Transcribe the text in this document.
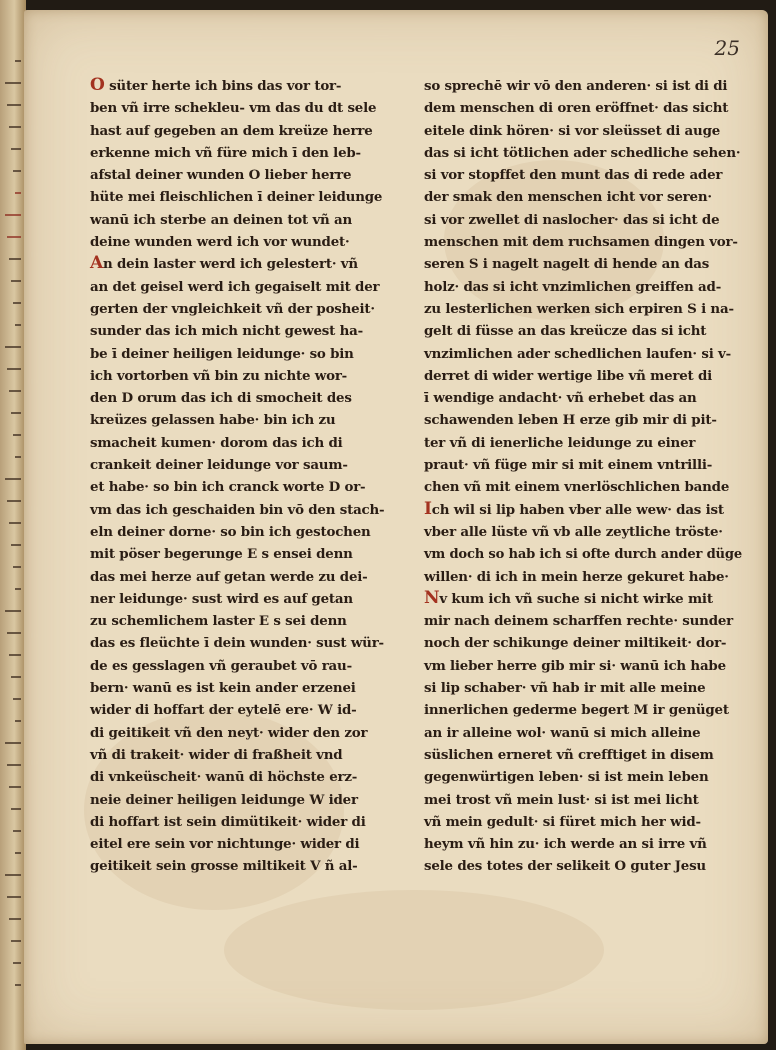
25
O süter herte ich bins das vor tor-
ben vñ irre schekleu- vm das du dt sele
hast auf gegeben an dem kreüze herre
erkenne mich vñ füre mich ī den leb-
afstal deiner wunden O lieber herre
hüte mei fleischlichen ī deiner leidunge
wanū ich sterbe an deinen tot vñ an
deine wunden werd ich vor wundet·
An dein laster werd ich gelestert· vñ
an det geisel werd ich gegaiselt mit der
gerten der vngleichkeit vñ der posheit·
sunder das ich mich nicht gewest ha-
be ī deiner heiligen leidunge· so bin
ich vortorben vñ bin zu nichte wor-
den D orum das ich di smocheit des
kreüzes gelassen habe· bin ich zu
smacheit kumen· dorom das ich di
crankeit deiner leidunge vor saum-
et habe· so bin ich cranck worte D or-
vm das ich geschaiden bin vō den stach-
eln deiner dorne· so bin ich gestochen
mit pöser begerunge E s ensei denn
das mei herze auf getan werde zu dei-
ner leidunge· sust wird es auf getan
zu schemlichem laster E s sei denn
das es fleüchte ī dein wunden· sust wür-
de es gesslagen vñ geraubet vō rau-
bern· wanū es ist kein ander erzenei
wider di hoffart der eytelē ere· W id-
di geitikeit vñ den neyt· wider den zor
vñ di trakeit· wider di fraßheit vnd
di vnkeüscheit· wanū di höchste erz-
neie deiner heiligen leidunge W ider
di hoffart ist sein dimütikeit· wider di
eitel ere sein vor nichtunge· wider di
geitikeit sein grosse miltikeit V ñ al-
so sprechē wir vō den anderen· si ist di di
dem menschen di oren eröffnet· das sicht
eitele dink hören· si vor sleüsset di auge
das si icht tötlichen ader schedliche sehen·
si vor stopffet den munt das di rede ader
der smak den menschen icht vor seren·
si vor zwellet di naslocher· das si icht de
menschen mit dem ruchsamen dingen vor-
seren S i nagelt nagelt di hende an das
holz· das si icht vnzimlichen greiffen ad-
zu lesterlichen werken sich erpiren S i na-
gelt di füsse an das kreücze das si icht
vnzimlichen ader schedlichen laufen· si v-
derret di wider wertige libe vñ meret di
ī wendige andacht· vñ erhebet das an
schawenden leben H erze gib mir di pit-
ter vñ di ienerliche leidunge zu einer
praut· vñ füge mir si mit einem vntrilli-
chen vñ mit einem vnerlöschlichen bande
Ich wil si lip haben vber alle wew· das ist
vber alle lüste vñ vb alle zeytliche tröste·
vm doch so hab ich si ofte durch ander düge
willen· di ich in mein herze gekuret habe·
Nv kum ich vñ suche si nicht wirke mit
mir nach deinem scharffen rechte· sunder
noch der schikunge deiner miltikeit· dor-
vm lieber herre gib mir si· wanū ich habe
si lip schaber· vñ hab ir mit alle meine
innerlichen gederme begert M ir genüget
an ir alleine wol· wanū si mich alleine
süslichen erneret vñ crefftiget in disem
gegenwürtigen leben· si ist mein leben
mei trost vñ mein lust· si ist mei licht
vñ mein gedult· si füret mich her wid-
heym vñ hin zu· ich werde an si irre vñ
sele des totes der selikeit O guter Jesu
